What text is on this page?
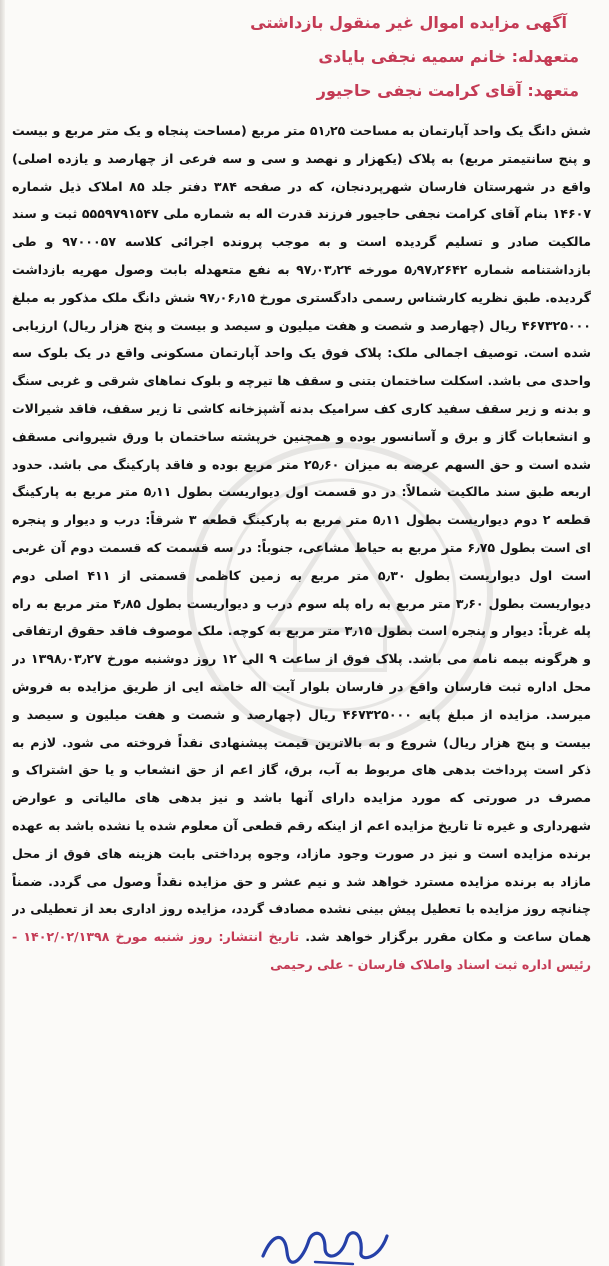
آگهی مزایده اموال غیر منقول بازداشتی
متعهدله: خانم سمیه نجفی بایادی
متعهد: آقای کرامت نجفی حاجیور

شش دانگ یک واحد آپارتمان به مساحت ۵۱٫۲۵ متر مربع (مساحت پنجاه و یک متر مربع و بیست و پنج سانتیمتر مربع) به پلاک (یکهزار و نهصد و سی و سه فرعی از چهارصد و یازده اصلی) واقع در شهرستان فارسان شهرپردنجان، که در صفحه ۳۸۴ دفتر جلد ۸۵ املاک ذیل شماره ۱۴۶۰۷ بنام آقای کرامت نجفی حاجیور فرزند قدرت اله به شماره ملی ۵۵۵۹۷۹۱۵۴۷ ثبت و سند مالکیت صادر و تسلیم گردیده است و به موجب پرونده اجرائی کلاسه ۹۷۰۰۰۵۷ و طی بازداشتنامه شماره ۵٫۹۷٫۲۶۴۲ مورخه ۹۷٫۰۳٫۲۴ به نفع متعهدله بابت وصول مهریه بازداشت گردیده. طبق نظریه کارشناس رسمی دادگستری مورخ ۹۷٫۰۶٫۱۵ شش دانگ ملک مذکور به مبلغ ۴۶۷۳۲۵۰۰۰ ریال (چهارصد و شصت و هفت میلیون و سیصد و بیست و پنج هزار ریال) ارزیابی شده است. توصیف اجمالی ملک: پلاک فوق یک واحد آپارتمان مسکونی واقع در یک بلوک سه واحدی می باشد. اسکلت ساختمان بتنی و سقف ها تیرچه و بلوک نماهای شرقی و غربی سنگ و بدنه و زیر سقف سفید کاری کف سرامیک بدنه آشپزخانه کاشی تا زیر سقف، فاقد شیرالات و انشعابات گاز و برق و آسانسور بوده و همچنین خرپشته ساختمان با ورق شیروانی مسقف شده است و حق السهم عرصه به میزان ۲۵٫۶۰ متر مربع بوده و فاقد پارکینگ می باشد. حدود اربعه طبق سند مالکیت شمالاً: در دو قسمت اول دیواریست بطول ۵٫۱۱ متر مربع به پارکینگ قطعه ۲ دوم دیواریست بطول ۵٫۱۱ متر مربع به پارکینگ قطعه ۳ شرقاً: درب و دیوار و پنجره ای است بطول ۶٫۷۵ متر مربع به حیاط مشاعی، جنوباً: در سه قسمت که قسمت دوم آن غربی است اول دیواریست بطول ۵٫۳۰ متر مربع به زمین کاظمی قسمتی از ۴۱۱ اصلی دوم دیواریست بطول ۳٫۶۰ متر مربع به راه پله سوم درب و دیواریست بطول ۴٫۸۵ متر مربع به راه پله غرباً: دیوار و پنجره است بطول ۳٫۱۵ متر مربع به کوچه. ملک موصوف فاقد حقوق ارتفاقی و هرگونه بیمه نامه می باشد. پلاک فوق از ساعت ۹ الی ۱۲ روز دوشنبه مورخ ۱۳۹۸٫۰۳٫۲۷ در محل اداره ثبت فارسان واقع در فارسان بلوار آیت اله خامنه ایی از طریق مزایده به فروش میرسد. مزایده از مبلغ پایه ۴۶۷۳۲۵۰۰۰ ریال (چهارصد و شصت و هفت میلیون و سیصد و بیست و پنج هزار ریال) شروع و به بالاترین قیمت پیشنهادی نقداً فروخته می شود. لازم به ذکر است پرداخت بدهی های مربوط به آب، برق، گاز اعم از حق انشعاب و یا حق اشتراک و مصرف در صورتی که مورد مزایده دارای آنها باشد و نیز بدهی های مالیاتی و عوارض شهرداری و غیره تا تاریخ مزایده اعم از اینکه رقم قطعی آن معلوم شده یا نشده باشد به عهده برنده مزایده است و نیز در صورت وجود مازاد، وجوه پرداختی بابت هزینه های فوق از محل مازاد به برنده مزایده مسترد خواهد شد و نیم عشر و حق مزایده نقداً وصول می گردد. ضمناً چنانچه روز مزایده با تعطیل پیش بینی نشده مصادف گردد، مزایده روز اداری بعد از تعطیلی در همان ساعت و مکان مقرر برگزار خواهد شد. تاریخ انتشار: روز شنبه مورخ ۱۴۰۲/۰۲/۱۳۹۸ - رئیس اداره ثبت اسناد واملاک فارسان - علی رحیمی
